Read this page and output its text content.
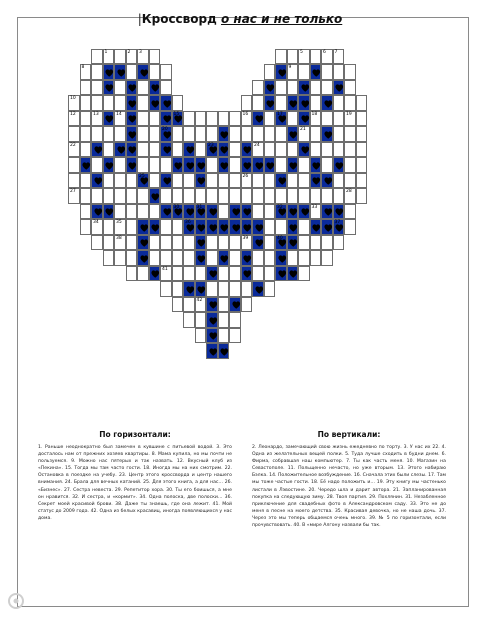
|Кроссворд о нас и не только
1	2 3	5	6 7
8	9
10
12	13	14	15	16	17	18	19
20	21
22	23	24
25	26
27	28
30	31	32	33
34	35	36	37
38	39	40
41
42
По горизонтали:

1. Раньше неоднократно был замечен в кувшине с питьевой водой. 3. Это досталось нам от прежних хозяев квартиры. 8. Мама купила, но мы почти не пользуемся. 9. Можно нас пятерых и так назвать. 12. Вкусный клуб из «Пекина». 15. Тогда мы там часто гости. 18. Иногда мы на них смотрим. 22. Остановка в поездке на учебу. 23. Центр этого кроссворда и центр нашего внимания. 24. Брала для вечных катаний. 25. Для этого книга, а для нас… 26. «Бизнес». 27. Сестра невеста. 29. Репетитор хора. 30. Ты его боишься, а мне он нравится. 32. И сестра, и «кормит». 34. Одна полоска, две полоски… 36. Секрет моей красивой брови. 38. Даже ты знаешь, где она лежит. 41. Мой статус до 2009 года. 42. Одна из белых красавиц, иногда появляющихся у нас дома.

По вертикали:

2. Леонардо, замечающий свою жизнь ежедневно по торту. 3. У нас их 22. 4. Одна из желательных вещей полки. 5. Туда лучше сходить в будни днем. 6. Фирма, собравшая наш компьютер. 7. Ты как часть меня. 10. Магазин на Севастополе. 11. Польщенно нечасто, но уже вторым. 13. Этого набираю Бэлка. 14. Положительное возбуждение. 16. Сначала этих были слезы. 17. Там мы тоже частые гости. 18. Её надо положить и… 19. Эту книгу мы частенько листали в Лэвостине. 20. Чередо шла и дарит автора. 21. Запланированная покупка на следующую зиму. 28. Твоя партия. 29. Похлянин. 31. Незабленное приключение для свадебных фото в Александровском саду. 33. Это не до меня в песне на моего детства. 35. Красивая девочка, но не наша дочь. 37. Через это мы теперь общаемся очень много. 39. № 5 по горизонтали, если прочувствовать. 40. В «мире Алгону назвали бы так.
